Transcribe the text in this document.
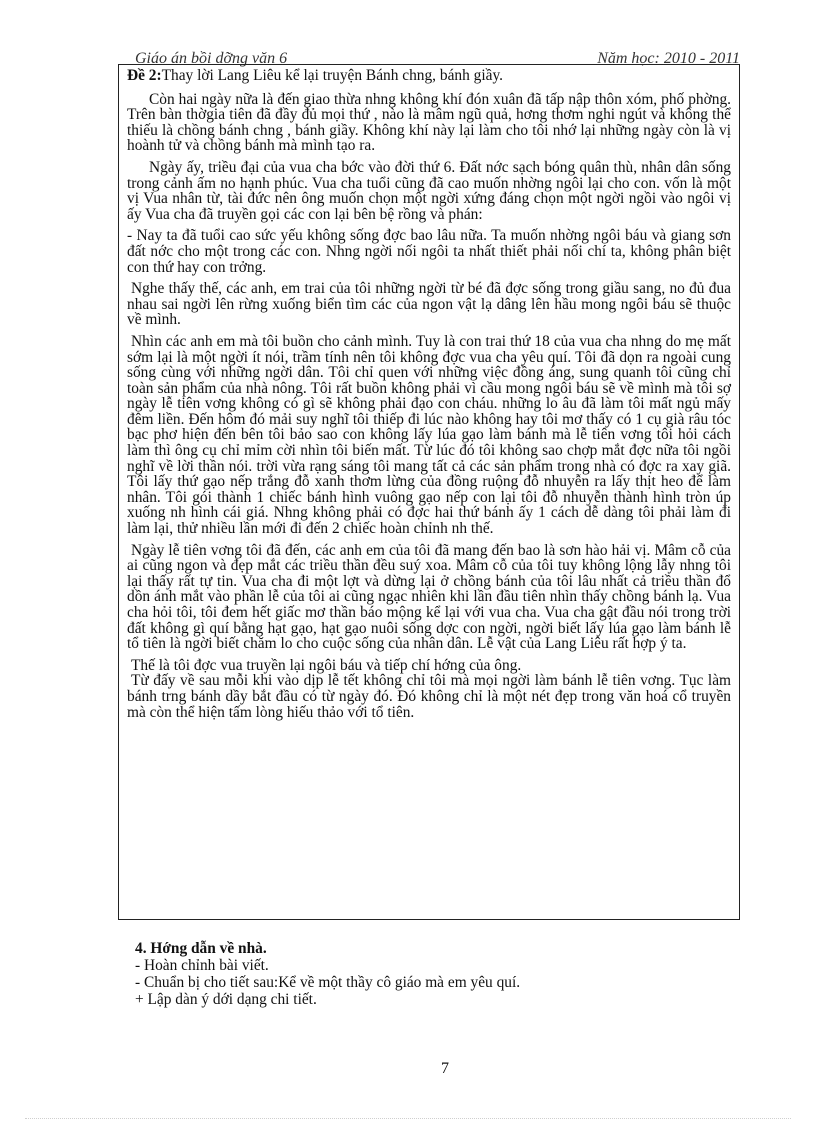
Giáo án bồi dỡng văn 6	Năm học: 2010 - 2011

Đề 2:Thay lời Lang Liêu kể lại truyện Bánh chng, bánh giầy.

Còn hai ngày nữa là đến giao thừa nhng không khí đón xuân đã tấp nập thôn xóm, phố phờng. Trên bàn thờgia tiên đã đầy đủ mọi thứ , nào là mâm ngũ quả, hơng thơm nghi ngút và không thể thiếu là chồng bánh chng , bánh giầy. Không khí này lại làm cho tôi nhớ lại những ngày còn là vị hoành tử và chồng bánh mà mình tạo ra.

Ngày ấy, triều đại của vua cha bớc vào đời thứ 6. Đất nớc sạch bóng quân thù, nhân dân sống trong cảnh ấm no hạnh phúc. Vua cha tuổi cũng đã cao muốn nhờng ngôi lại cho con. vốn là một vị Vua nhân từ, tài đức nên ông muốn chọn một ngời xứng đáng chọn một ngời ngồi vào ngôi vị ấy Vua cha đã truyền gọi các con lại bên bệ rồng và phán:

- Nay ta đã tuổi cao sức yếu không sống đợc bao lâu nữa. Ta muốn nhờng ngôi báu và giang sơn đất nớc cho một trong các con. Nhng ngời nối ngôi ta nhất thiết phải nối chí ta, không phân biệt con thứ hay con trởng.

Nghe thấy thế, các anh, em trai của tôi những ngời từ bé đã đợc sống trong giầu sang, no đủ đua nhau sai ngời lên rừng xuống biển tìm các của ngon vật lạ dâng lên hầu mong ngôi báu sẽ thuộc về mình.

Nhìn các anh em mà tôi buồn cho cảnh mình. Tuy là con trai thứ 18 của vua cha nhng do mẹ mất sớm lại là một ngời ít nói, trầm tính nên tôi không đợc vua cha yêu quí. Tôi đã dọn ra ngoài cung sống cùng với những ngời dân. Tôi chỉ quen với những việc đồng áng, sung quanh tôi cũng chỉ toàn sản phẩm của nhà nông. Tôi rất buồn không phải vì cầu mong ngôi báu sẽ về mình mà tôi sợ ngày lễ tiên vơng không có gì sẽ không phải đạo con cháu. những lo âu đã làm tôi mất ngủ mấy đêm liền. Đến hôm đó mải suy nghĩ tôi thiếp đi lúc nào không hay tôi mơ thấy có 1 cụ già râu tóc bạc phơ hiện đến bên tôi bảo sao con không lấy lúa gạo làm bánh mà lễ tiên vơng tôi hỏi cách làm thì ông cụ chỉ mỉm cời nhìn tôi biến mất. Từ lúc đó tôi không sao chợp mắt đợc nữa tôi ngồi nghĩ về lời thần nói. trời vừa rạng sáng tôi mang tất cả các sản phẩm trong nhà có đợc ra xay giã. Tôi lấy thứ gạo nếp trắng đỗ xanh thơm lừng của đồng ruộng đỗ nhuyễn ra lấy thịt heo để làm nhân. Tôi gói thành 1 chiếc bánh hình vuông gạo nếp con lại tôi đỗ nhuyễn thành hình tròn úp xuống nh hình cái giá. Nhng không phải có đợc hai thứ bánh ấy 1 cách dễ dàng tôi phải làm đi làm lại, thử nhiều lần mới đi đến 2 chiếc hoàn chỉnh nh thế.

Ngày lễ tiên vơng tôi đã đến, các anh em của tôi đã mang đến bao là sơn hào hải vị. Mâm cỗ của ai cũng ngon và đẹp mắt các triều thần đều suý xoa. Mâm cỗ của tôi tuy không lộng lẫy nhng tôi lại thấy rất tự tin. Vua cha đi một lợt và dừng lại ở chồng bánh của tôi lâu nhất cả triều thần đổ dồn ánh mắt vào phần lễ của tôi ai cũng ngạc nhiên khi lần đầu tiên nhìn thấy chồng bánh lạ. Vua cha hỏi tôi, tôi đem hết giấc mơ thần báo mộng kể lại với vua cha. Vua cha gật đầu nói trong trời đất không gì quí bằng hạt gạo, hạt gạo nuôi sống dợc con ngời, ngời biết lấy lúa gạo làm bánh lễ tổ tiên là ngời biết chăm lo cho cuộc sống của nhân dân. Lễ vật của Lang Liêu rất hợp ý ta.

Thế là tôi đợc vua truyền lại ngôi báu và tiếp chí hớng của ông.

Từ đấy về sau mỗi khi vào dịp lễ tết không chỉ tôi mà mọi ngời làm bánh lễ tiên vơng. Tục làm bánh trng bánh dầy bắt đầu có từ ngày đó. Đó không chỉ là một nét đẹp trong văn hoá cổ truyền mà còn thể hiện tấm lòng hiếu thảo với tổ tiên.

4. Hớng dẫn về nhà.

- Hoàn chỉnh bài viết.

- Chuẩn bị cho tiết sau:Kể về một thầy cô giáo mà em yêu quí.

+ Lập dàn ý dới dạng chi tiết.

7
